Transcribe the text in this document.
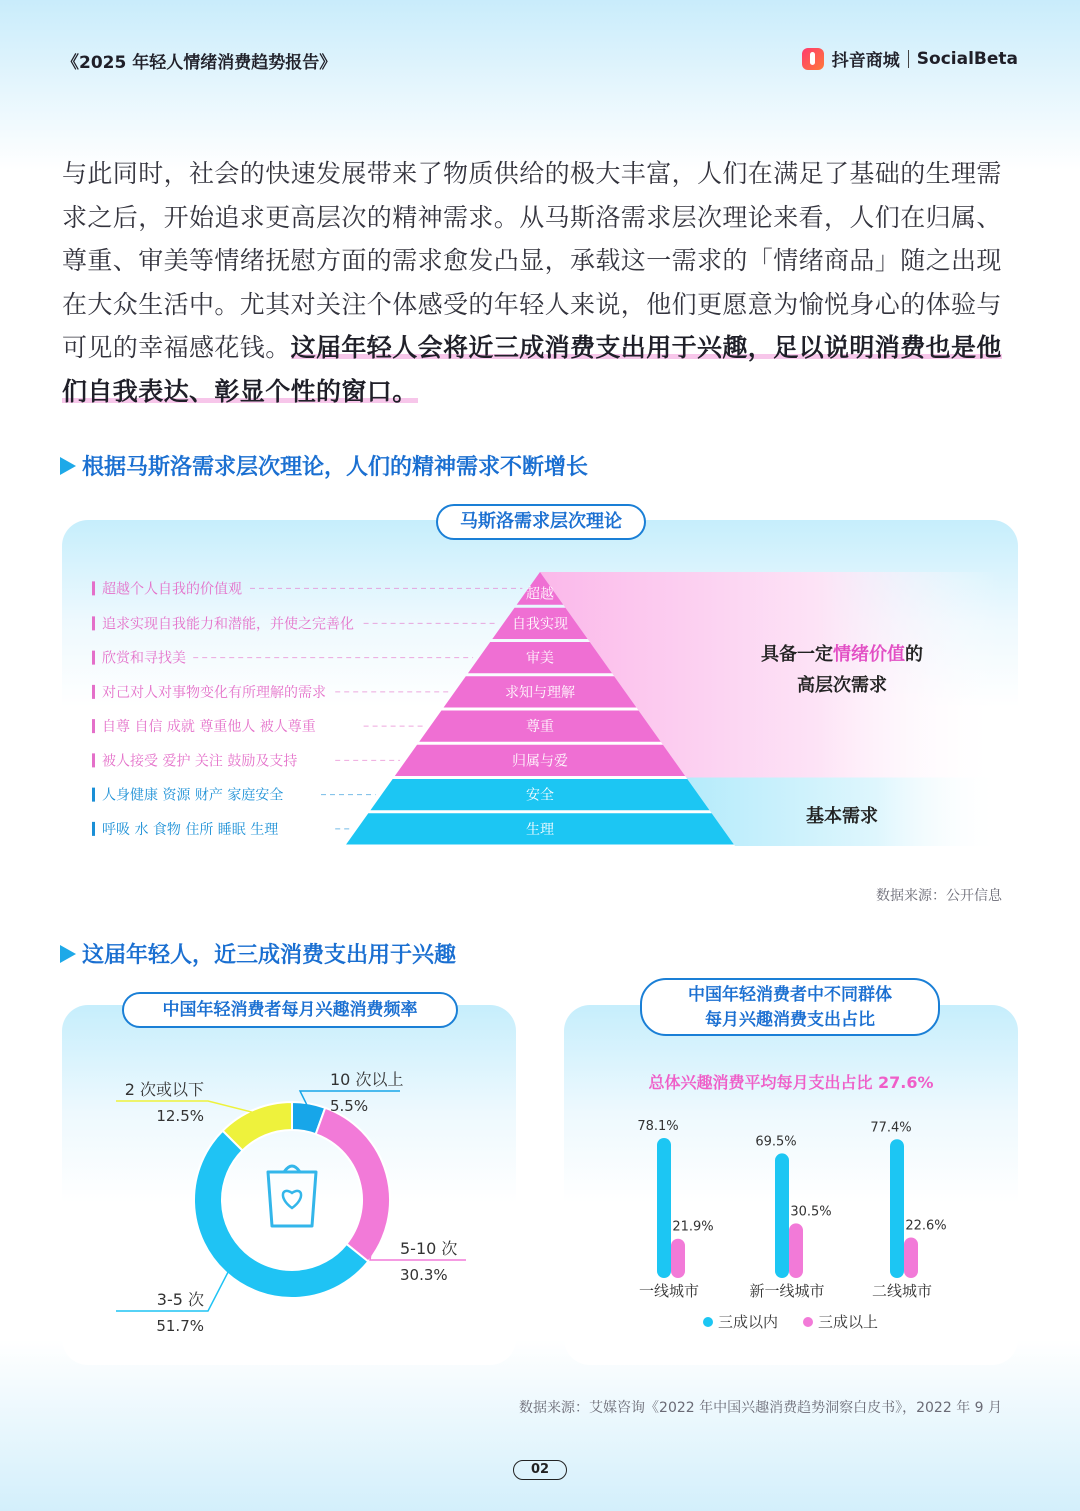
《2025 年轻人情绪消费趋势报告》	抖音商城 SocialBeta
与此同时，社会的快速发展带来了物质供给的极大丰富，人们在满足了基础的生理需求之后，开始追求更高层次的精神需求。从马斯洛需求层次理论来看，人们在归属、尊重、审美等情绪抚慰方面的需求愈发凸显，承载这一需求的「情绪商品」随之出现在大众生活中。尤其对关注个体感受的年轻人来说，他们更愿意为愉悦身心的体验与可见的幸福感花钱。这届年轻人会将近三成消费支出用于兴趣，足以说明消费也是他们自我表达、彰显个性的窗口。
根据马斯洛需求层次理论，人们的精神需求不断增长
马斯洛需求层次理论
超越
自我实现
审美
求知与理解
尊重
归属与爱
安全
生理
超越个人自我的价值观
追求实现自我能力和潜能，并使之完善化
欣赏和寻找美
对己对人对事物变化有所理解的需求
自尊 自信 成就 尊重他人 被人尊重
被人接受 爱护 关注 鼓励及支持
人身健康 资源 财产 家庭安全
呼吸 水 食物 住所 睡眠 生理
具备一定情绪价值的
高层次需求
基本需求
数据来源：公开信息
这届年轻人，近三成消费支出用于兴趣
中国年轻消费者每月兴趣消费频率
10 次以上
5.5%
5-10 次
30.3%
3-5 次
51.7%
2 次或以下
12.5%
中国年轻消费者中不同群体
每月兴趣消费支出占比
总体兴趣消费平均每月支出占比 27.6%
78.1%
21.9%
一线城市
69.5%
30.5%
新一线城市
77.4%
22.6%
二线城市
三成以内	三成以上
数据来源：艾媒咨询《2022 年中国兴趣消费趋势洞察白皮书》，2022 年 9 月
02
